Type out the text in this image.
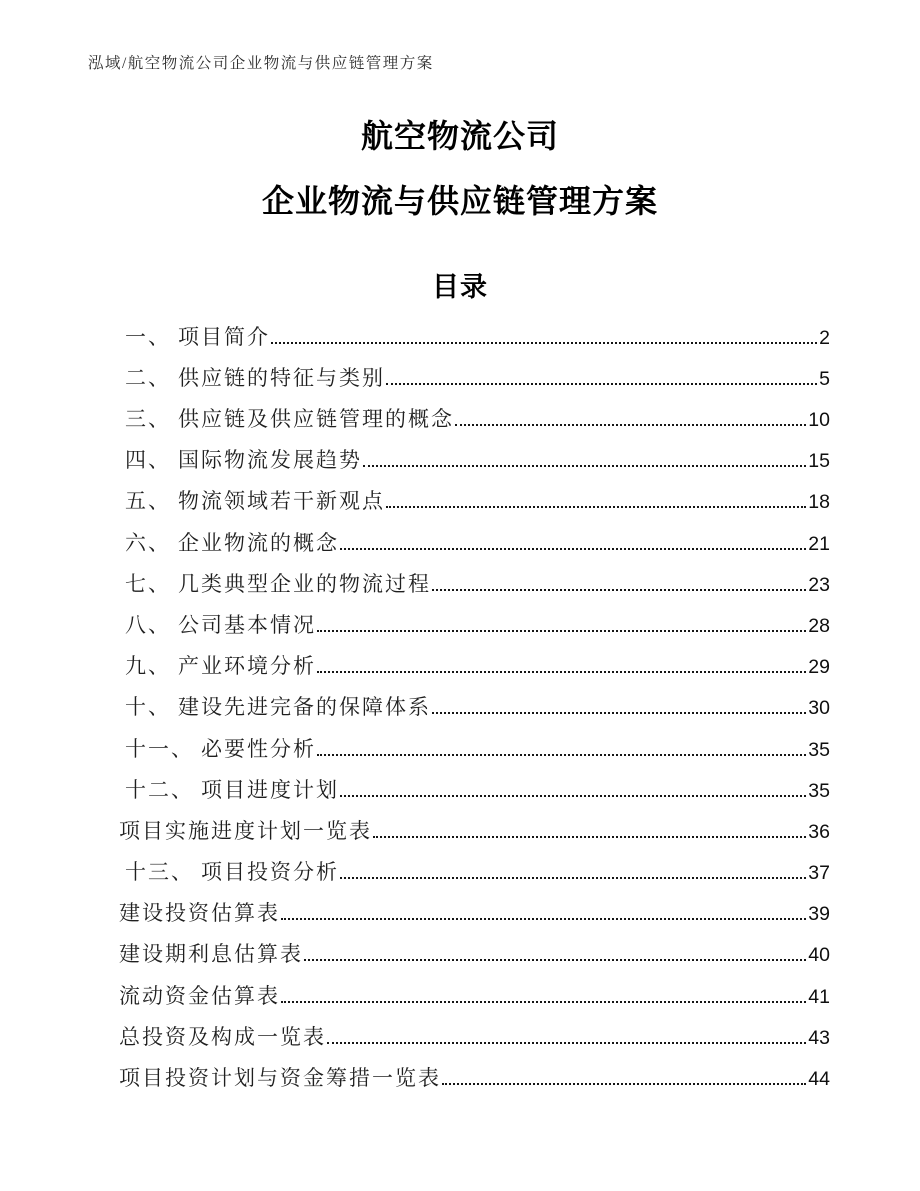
泓域/航空物流公司企业物流与供应链管理方案
航空物流公司
企业物流与供应链管理方案
目录
一、 项目简介	2
二、 供应链的特征与类别	5
三、 供应链及供应链管理的概念	10
四、 国际物流发展趋势	15
五、 物流领域若干新观点	18
六、 企业物流的概念	21
七、 几类典型企业的物流过程	23
八、 公司基本情况	28
九、 产业环境分析	29
十、 建设先进完备的保障体系	30
十一、 必要性分析	35
十二、 项目进度计划	35
项目实施进度计划一览表	36
十三、 项目投资分析	37
建设投资估算表	39
建设期利息估算表	40
流动资金估算表	41
总投资及构成一览表	43
项目投资计划与资金筹措一览表	44
